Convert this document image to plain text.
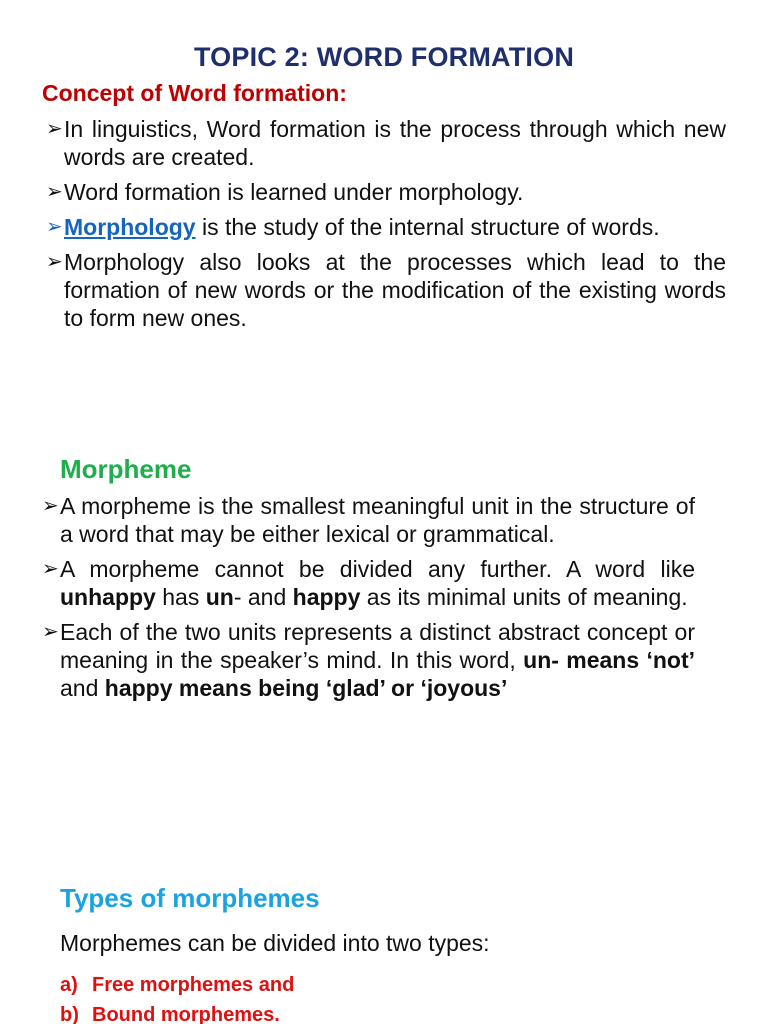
TOPIC 2: WORD FORMATION
Concept of Word formation:
➢ In linguistics, Word formation is the process through which new words are created.
➢ Word formation is learned under morphology.
➢ Morphology is the study of the internal structure of words.
➢ Morphology also looks at the processes which lead to the formation of new words or the modification of the existing words to form new ones.
Morpheme
➢ A morpheme is the smallest meaningful unit in the structure of a word that may be either lexical or grammatical.
➢ A morpheme cannot be divided any further. A word like unhappy has un- and happy as its minimal units of meaning.
➢ Each of the two units represents a distinct abstract concept or meaning in the speaker’s mind. In this word, un- means ‘not’ and happy means being ‘glad’ or ‘joyous’
Types of morphemes
Morphemes can be divided into two types:
a) Free morphemes and
b) Bound morphemes.
